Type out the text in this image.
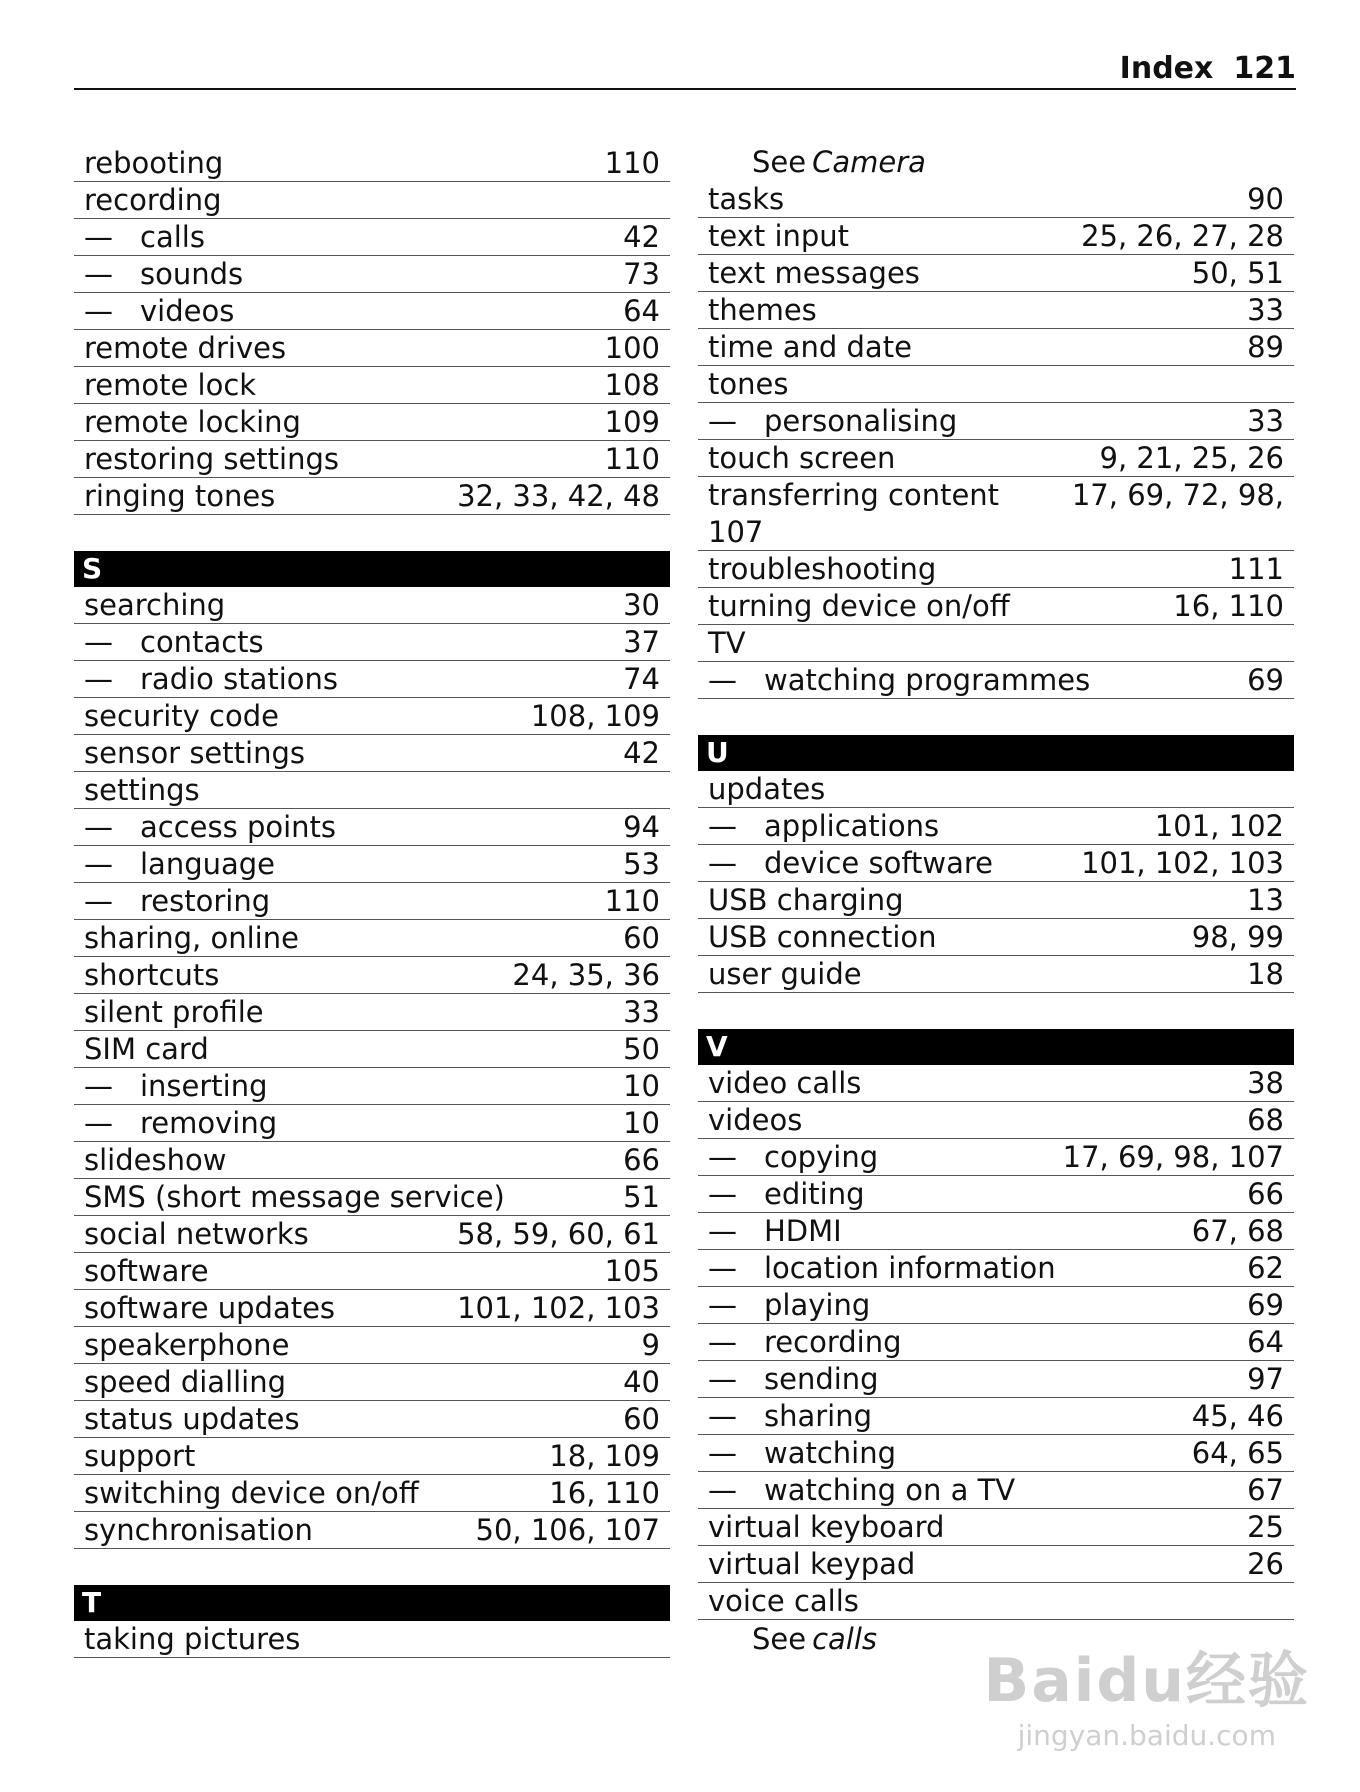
Index 121
rebooting	110
recording
— calls	42
— sounds	73
— videos	64
remote drives	100
remote lock	108
remote locking	109
restoring settings	110
ringing tones	32, 33, 42, 48
S
searching	30
— contacts	37
— radio stations	74
security code	108, 109
sensor settings	42
settings
— access points	94
— language	53
— restoring	110
sharing, online	60
shortcuts	24, 35, 36
silent profile	33
SIM card	50
— inserting	10
— removing	10
slideshow	66
SMS (short message service)	51
social networks	58, 59, 60, 61
software	105
software updates	101, 102, 103
speakerphone	9
speed dialling	40
status updates	60
support	18, 109
switching device on/off	16, 110
synchronisation	50, 106, 107
T
taking pictures
See Camera
tasks	90
text input	25, 26, 27, 28
text messages	50, 51
themes	33
time and date	89
tones
— personalising	33
touch screen	9, 21, 25, 26
transferring content	17, 69, 72, 98,
107
troubleshooting	111
turning device on/off	16, 110
TV
— watching programmes	69
U
updates
— applications	101, 102
— device software	101, 102, 103
USB charging	13
USB connection	98, 99
user guide	18
V
video calls	38
videos	68
— copying	17, 69, 98, 107
— editing	66
— HDMI	67, 68
— location information	62
— playing	69
— recording	64
— sending	97
— sharing	45, 46
— watching	64, 65
— watching on a TV	67
virtual keyboard	25
virtual keypad	26
voice calls
See calls
Baidu经验
jingyan.baidu.com
